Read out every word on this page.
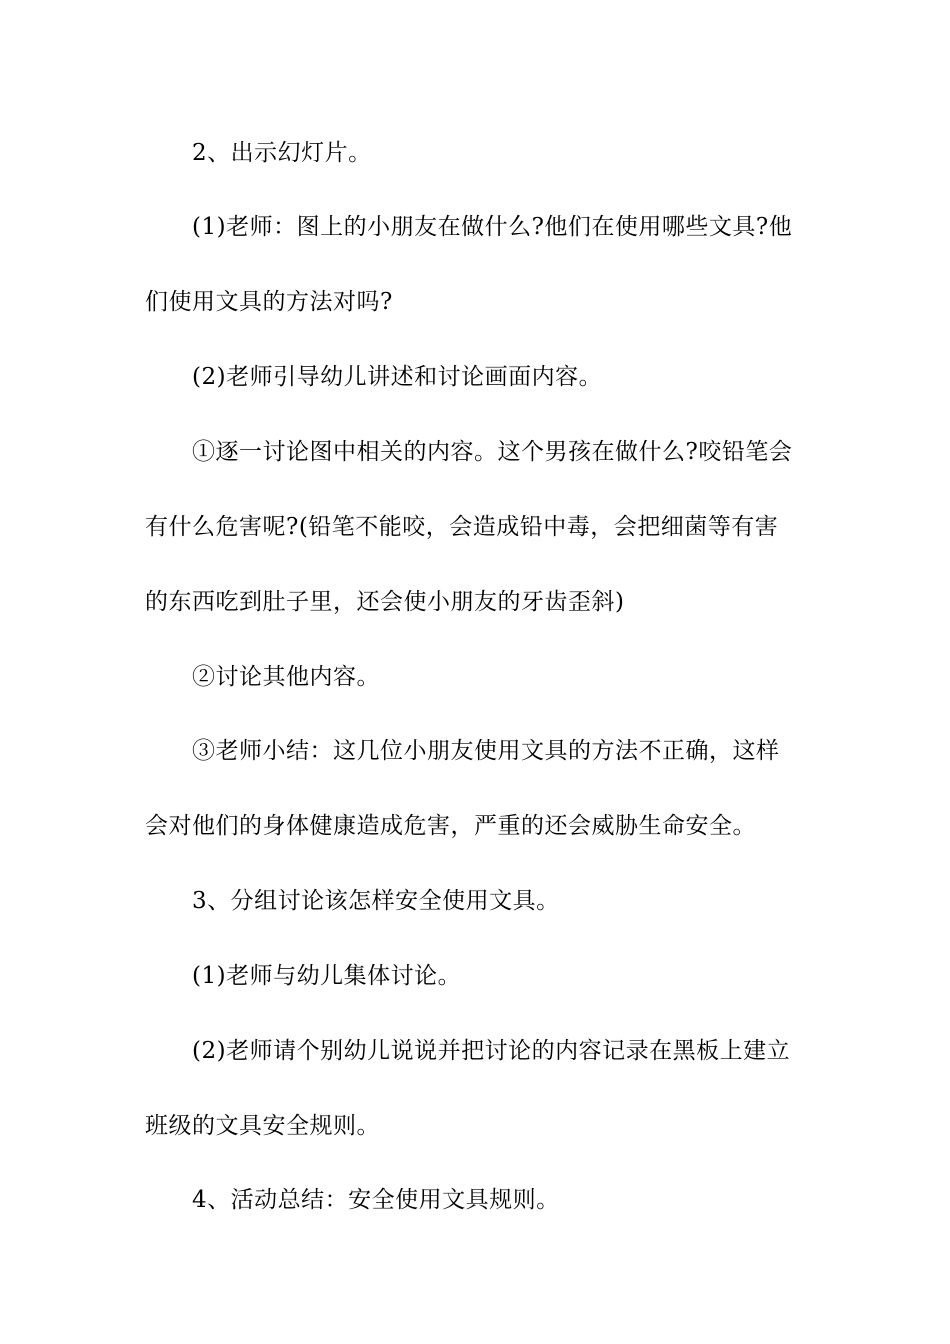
2、出示幻灯片。
(1)老师：图上的小朋友在做什么?他们在使用哪些文具?他
们使用文具的方法对吗?
(2)老师引导幼儿讲述和讨论画面内容。
①逐一讨论图中相关的内容。这个男孩在做什么?咬铅笔会
有什么危害呢?(铅笔不能咬，会造成铅中毒，会把细菌等有害
的东西吃到肚子里，还会使小朋友的牙齿歪斜)
②讨论其他内容。
③老师小结：这几位小朋友使用文具的方法不正确，这样
会对他们的身体健康造成危害，严重的还会威胁生命安全。
3、分组讨论该怎样安全使用文具。
(1)老师与幼儿集体讨论。
(2)老师请个别幼儿说说并把讨论的内容记录在黑板上建立
班级的文具安全规则。
4、活动总结：安全使用文具规则。
